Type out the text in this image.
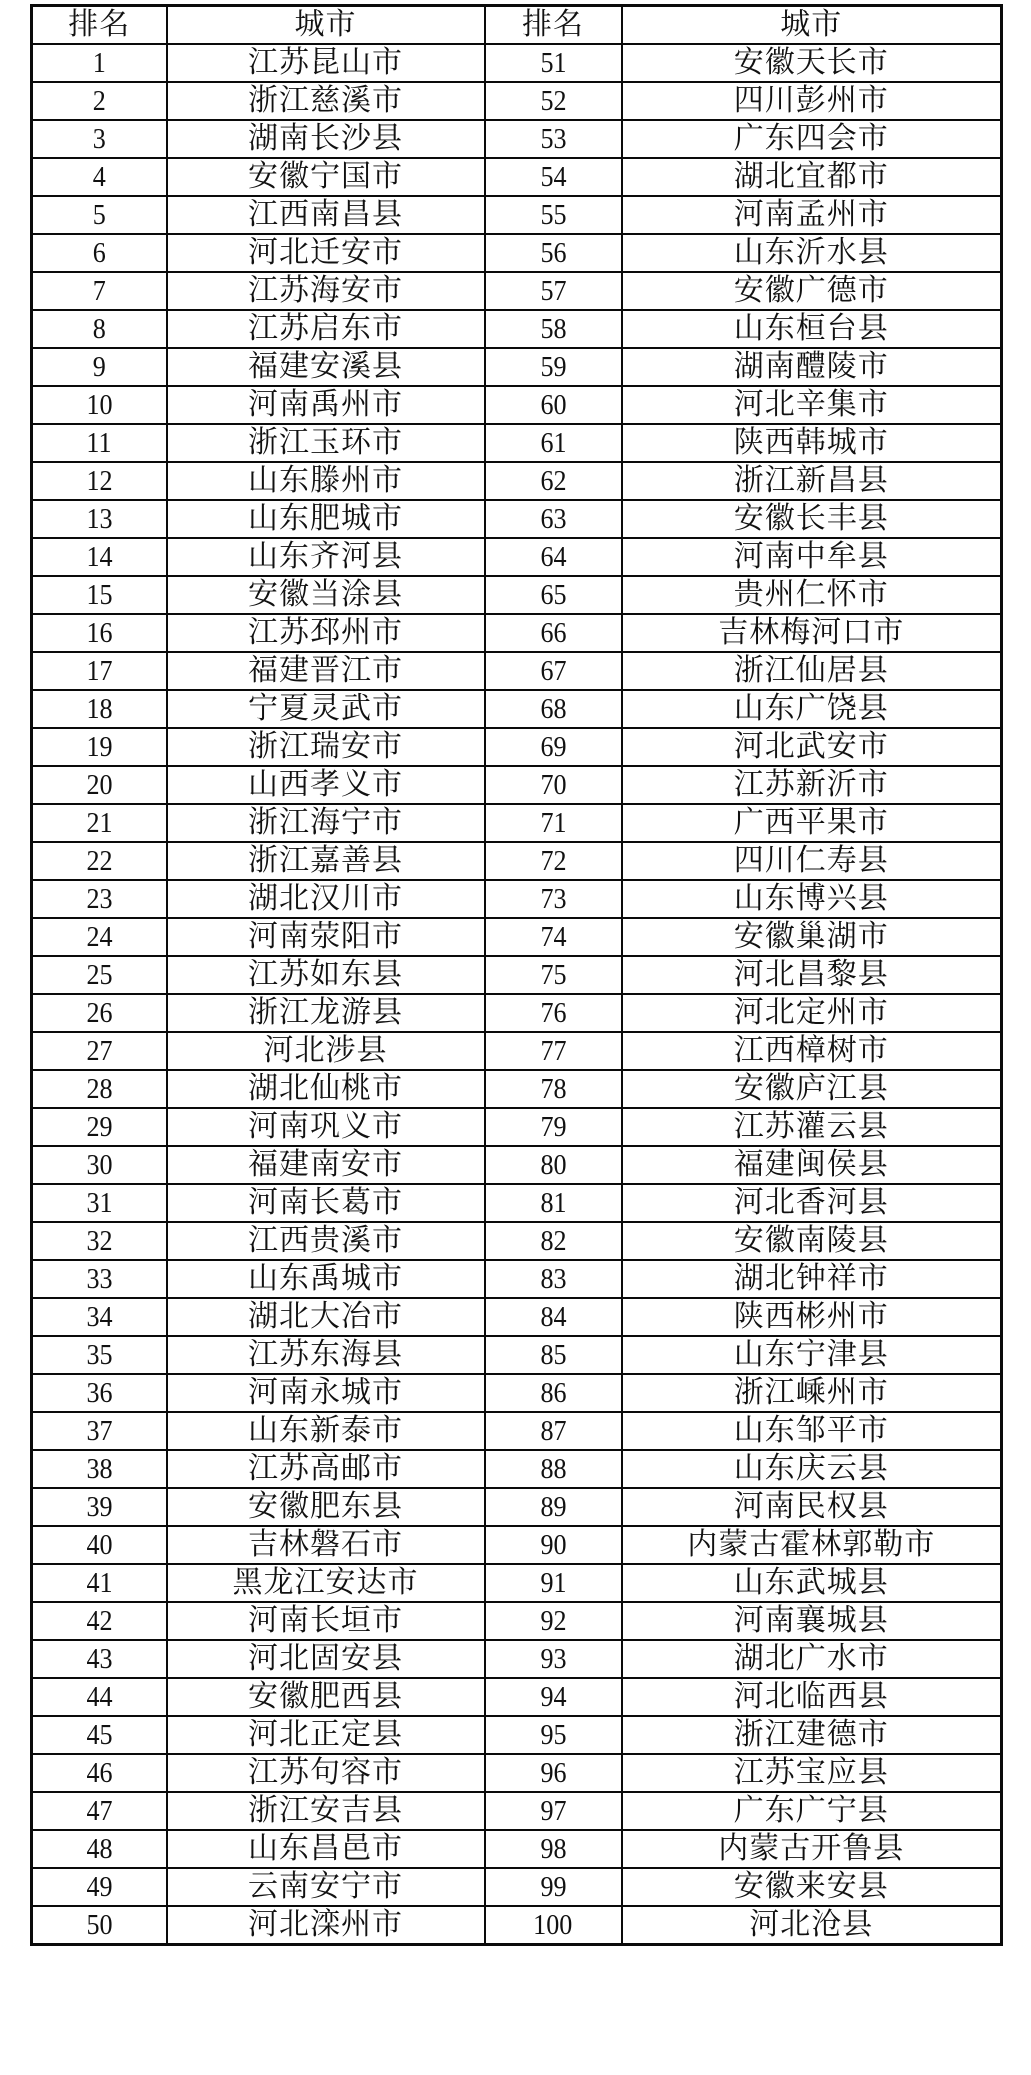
排名	城市	排名	城市
1	江苏昆山市	51	安徽天长市
2	浙江慈溪市	52	四川彭州市
3	湖南长沙县	53	广东四会市
4	安徽宁国市	54	湖北宜都市
5	江西南昌县	55	河南孟州市
6	河北迁安市	56	山东沂水县
7	江苏海安市	57	安徽广德市
8	江苏启东市	58	山东桓台县
9	福建安溪县	59	湖南醴陵市
10	河南禹州市	60	河北辛集市
11	浙江玉环市	61	陕西韩城市
12	山东滕州市	62	浙江新昌县
13	山东肥城市	63	安徽长丰县
14	山东齐河县	64	河南中牟县
15	安徽当涂县	65	贵州仁怀市
16	江苏邳州市	66	吉林梅河口市
17	福建晋江市	67	浙江仙居县
18	宁夏灵武市	68	山东广饶县
19	浙江瑞安市	69	河北武安市
20	山西孝义市	70	江苏新沂市
21	浙江海宁市	71	广西平果市
22	浙江嘉善县	72	四川仁寿县
23	湖北汉川市	73	山东博兴县
24	河南荥阳市	74	安徽巢湖市
25	江苏如东县	75	河北昌黎县
26	浙江龙游县	76	河北定州市
27	河北涉县	77	江西樟树市
28	湖北仙桃市	78	安徽庐江县
29	河南巩义市	79	江苏灌云县
30	福建南安市	80	福建闽侯县
31	河南长葛市	81	河北香河县
32	江西贵溪市	82	安徽南陵县
33	山东禹城市	83	湖北钟祥市
34	湖北大冶市	84	陕西彬州市
35	江苏东海县	85	山东宁津县
36	河南永城市	86	浙江嵊州市
37	山东新泰市	87	山东邹平市
38	江苏高邮市	88	山东庆云县
39	安徽肥东县	89	河南民权县
40	吉林磐石市	90	内蒙古霍林郭勒市
41	黑龙江安达市	91	山东武城县
42	河南长垣市	92	河南襄城县
43	河北固安县	93	湖北广水市
44	安徽肥西县	94	河北临西县
45	河北正定县	95	浙江建德市
46	江苏句容市	96	江苏宝应县
47	浙江安吉县	97	广东广宁县
48	山东昌邑市	98	内蒙古开鲁县
49	云南安宁市	99	安徽来安县
50	河北滦州市	100	河北沧县
